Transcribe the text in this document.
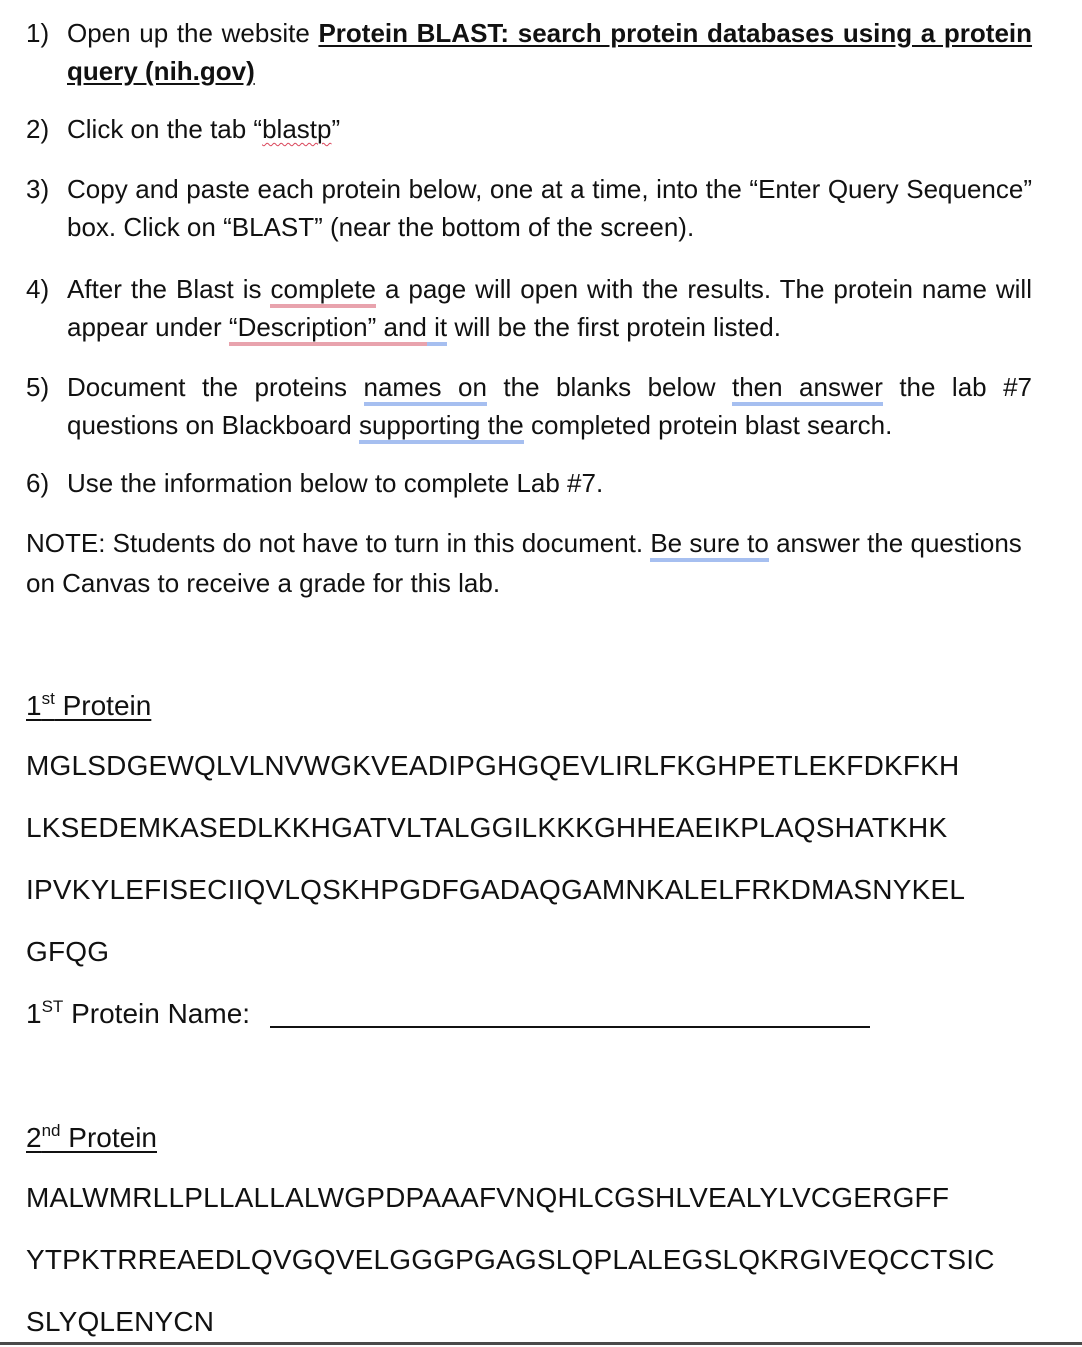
1) Open up the website Protein BLAST: search protein databases using a protein query (nih.gov)
2) Click on the tab “blastp”
3) Copy and paste each protein below, one at a time, into the “Enter Query Sequence” box. Click on “BLAST” (near the bottom of the screen).
4) After the Blast is complete a page will open with the results. The protein name will appear under “Description” and it will be the first protein listed.
5) Document the proteins names on the blanks below then answer the lab #7 questions on Blackboard supporting the completed protein blast search.
6) Use the information below to complete Lab #7.
NOTE: Students do not have to turn in this document. Be sure to answer the questions on Canvas to receive a grade for this lab.
1st Protein
MGLSDGEWQLVLNVWGKVEADIPGHGQEVLIRLFKGHPETLEKFDKFKH
LKSEDEMKASEDLKKHGATVLTALGGILKKKGHHEAEIKPLAQSHATKHK
IPVKYLEFISECIIQVLQSKHPGDFGADAQGAMNKALELFRKDMASNYKEL
GFQG
1ST Protein Name:
2nd Protein
MALWMRLLPLLALLALWGPDPAAAFVNQHLCGSHLVEALYLVCGERGFF
YTPKTRREAEDLQVGQVELGGGPGAGSLQPLALEGSLQKRGIVEQCCTSIC
SLYQLENYCN
